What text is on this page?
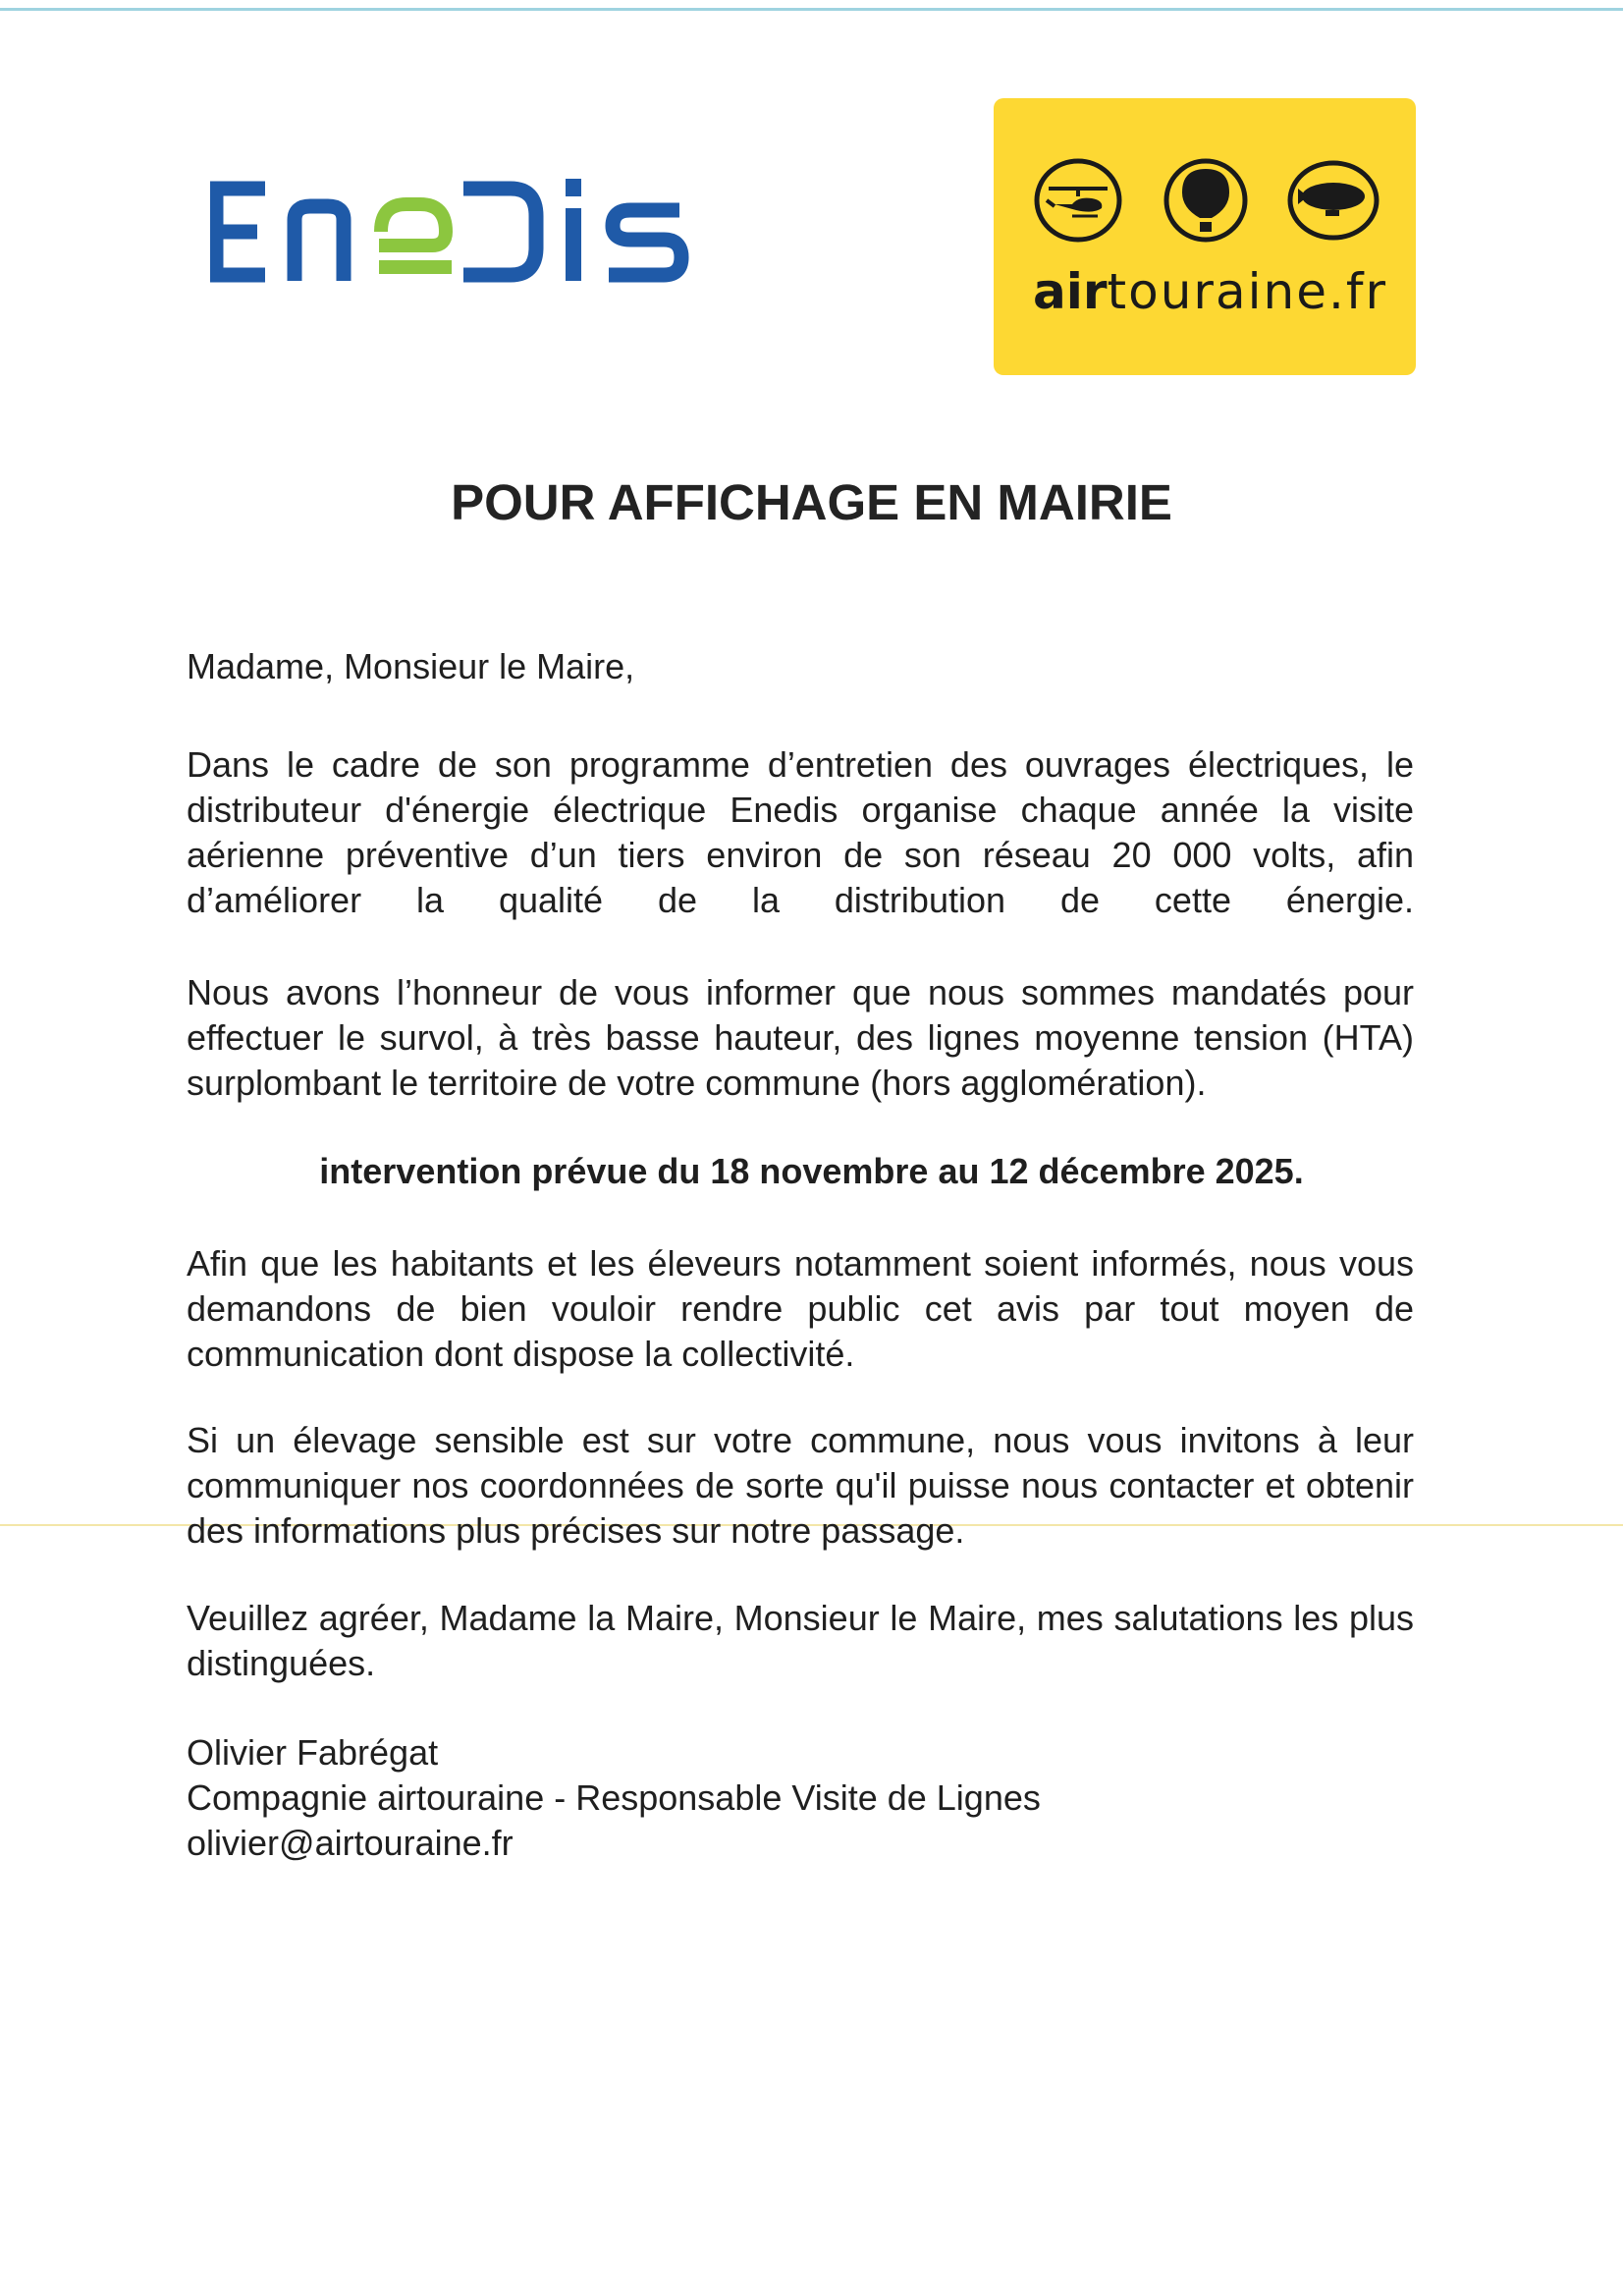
airtouraine.fr
POUR AFFICHAGE EN MAIRIE
Madame, Monsieur le Maire,
Dans le cadre de son programme d’entretien des ouvrages électriques, le distributeur d'énergie électrique Enedis organise chaque année la visite aérienne préventive d’un tiers environ de son réseau 20 000 volts, afin d’améliorer la qualité de la distribution de cette énergie.
Nous avons l’honneur de vous informer que nous sommes mandatés pour effectuer le survol, à très basse hauteur, des lignes moyenne tension (HTA) surplombant le territoire de votre commune (hors agglomération).
intervention prévue du 18 novembre au 12 décembre 2025.
Afin que les habitants et les éleveurs notamment soient informés, nous vous demandons de bien vouloir rendre public cet avis par tout moyen de communication dont dispose la collectivité.
Si un élevage sensible est sur votre commune, nous vous invitons à leur communiquer nos coordonnées de sorte qu'il puisse nous contacter et obtenir des informations plus précises sur notre passage.
Veuillez agréer, Madame la Maire, Monsieur le Maire, mes salutations les plus distinguées.
Olivier Fabrégat
Compagnie airtouraine - Responsable Visite de Lignes
olivier@airtouraine.fr
